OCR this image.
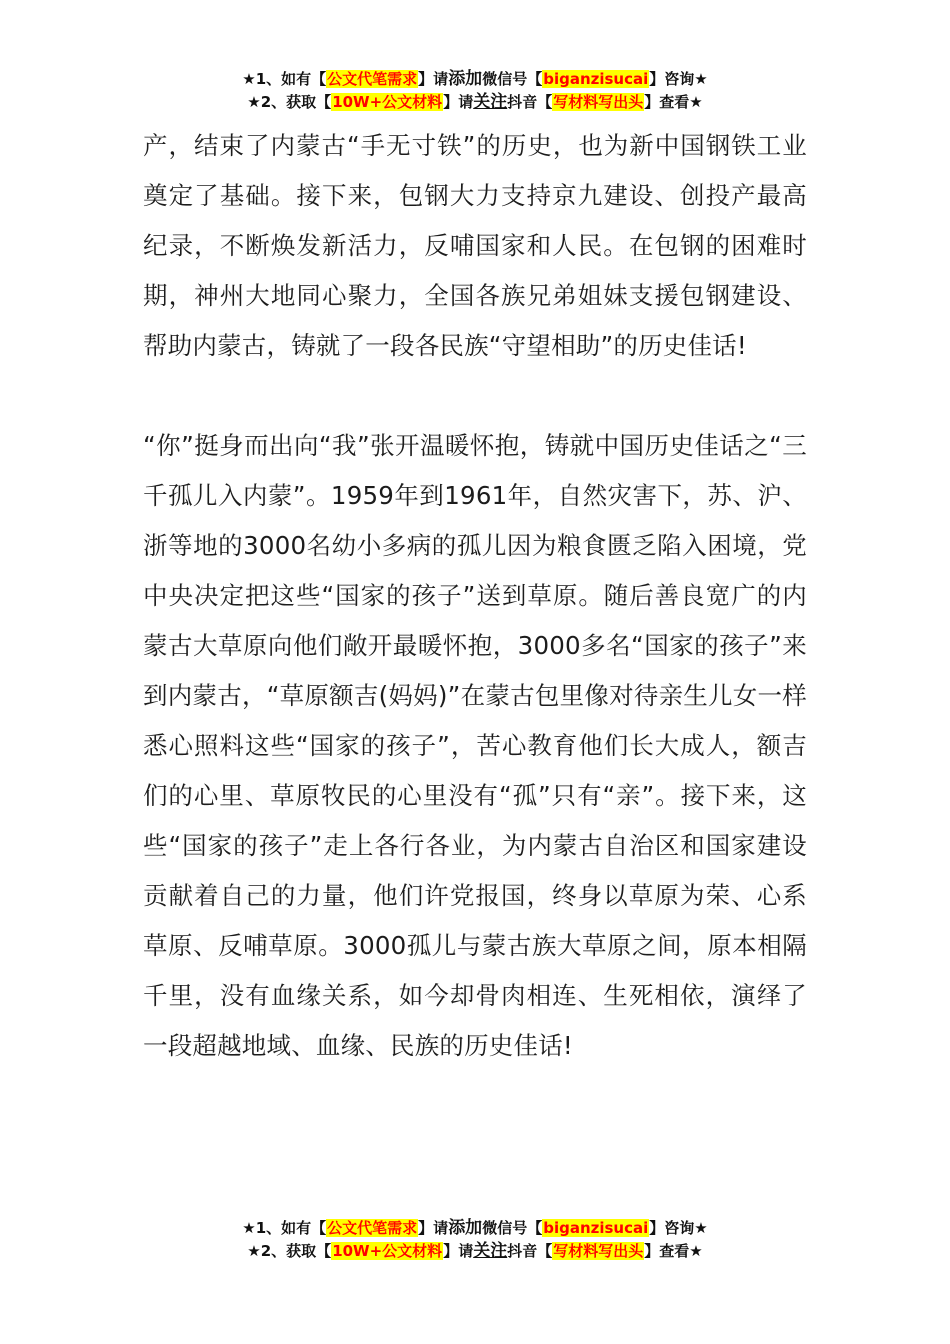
★1、如有【公文代笔需求】请添加微信号【biganzisucai】咨询★
★2、获取【10W+公文材料】请关注抖音【写材料写出头】查看★

产，结束了内蒙古“手无寸铁”的历史，也为新中国钢铁工业奠定了基础。接下来，包钢大力支持京九建设、创投产最高纪录，不断焕发新活力，反哺国家和人民。在包钢的困难时期，神州大地同心聚力，全国各族兄弟姐妹支援包钢建设、帮助内蒙古，铸就了一段各民族“守望相助”的历史佳话!

“你”挺身而出向“我”张开温暖怀抱，铸就中国历史佳话之“三千孤儿入内蒙”。1959年到1961年，自然灾害下，苏、沪、浙等地的3000名幼小多病的孤儿因为粮食匮乏陷入困境，党中央决定把这些“国家的孩子”送到草原。随后善良宽广的内蒙古大草原向他们敞开最暖怀抱，3000多名“国家的孩子”来到内蒙古，“草原额吉(妈妈)”在蒙古包里像对待亲生儿女一样悉心照料这些“国家的孩子”，苦心教育他们长大成人，额吉们的心里、草原牧民的心里没有“孤”只有“亲”。接下来，这些“国家的孩子”走上各行各业，为内蒙古自治区和国家建设贡献着自己的力量，他们许党报国，终身以草原为荣、心系草原、反哺草原。3000孤儿与蒙古族大草原之间，原本相隔千里，没有血缘关系，如今却骨肉相连、生死相依，演绎了一段超越地域、血缘、民族的历史佳话!

★1、如有【公文代笔需求】请添加微信号【biganzisucai】咨询★
★2、获取【10W+公文材料】请关注抖音【写材料写出头】查看★
